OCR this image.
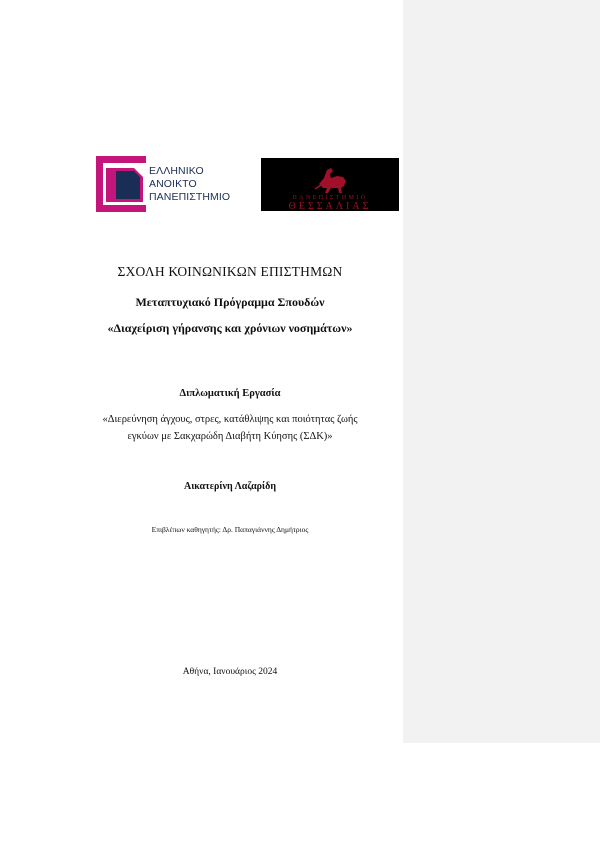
ΕΛΛΗΝΙΚΟ
ΑΝΟΙΚΤΟ
ΠΑΝΕΠΙΣΤΗΜΙΟ	ΠΑΝΕΠΙΣΤΗΜΙΟ
ΘΕΣΣΑΛΙΑΣ
ΣΧΟΛΗ ΚΟΙΝΩΝΙΚΩΝ ΕΠΙΣΤΗΜΩΝ
Μεταπτυχιακό Πρόγραμμα Σπουδών
«Διαχείριση γήρανσης και χρόνιων νοσημάτων»
Διπλωματική Εργασία
«Διερεύνηση άγχους, στρες, κατάθλιψης και ποιότητας ζωής
εγκύων με Σακχαρώδη Διαβήτη Κύησης (ΣΔΚ)»
Αικατερίνη Λαζαρίδη
Επιβλέπων καθηγητής: Δρ. Παπαγιάννης Δημήτριος
Αθήνα, Ιανουάριος 2024
